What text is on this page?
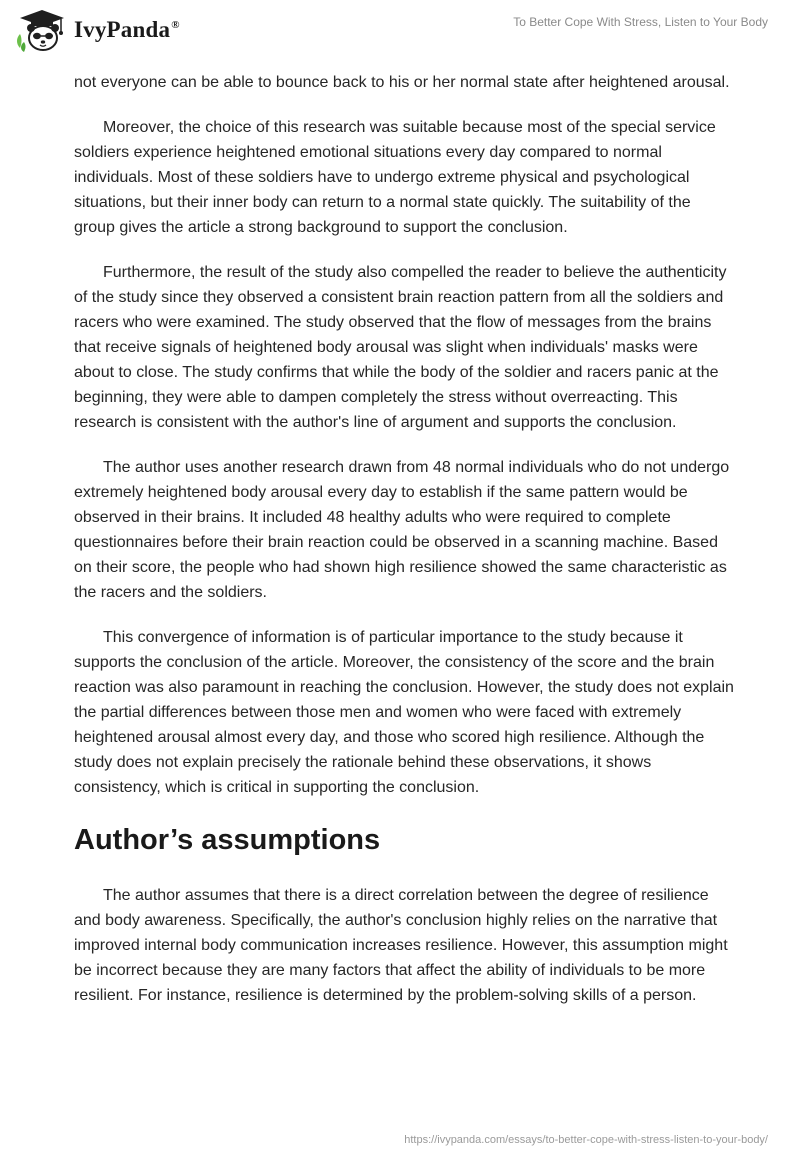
IvyPanda®	To Better Cope With Stress, Listen to Your Body

not everyone can be able to bounce back to his or her normal state after heightened arousal.

Moreover, the choice of this research was suitable because most of the special service soldiers experience heightened emotional situations every day compared to normal individuals. Most of these soldiers have to undergo extreme physical and psychological situations, but their inner body can return to a normal state quickly. The suitability of the group gives the article a strong background to support the conclusion.

Furthermore, the result of the study also compelled the reader to believe the authenticity of the study since they observed a consistent brain reaction pattern from all the soldiers and racers who were examined. The study observed that the flow of messages from the brains that receive signals of heightened body arousal was slight when individuals' masks were about to close. The study confirms that while the body of the soldier and racers panic at the beginning, they were able to dampen completely the stress without overreacting. This research is consistent with the author's line of argument and supports the conclusion.

The author uses another research drawn from 48 normal individuals who do not undergo extremely heightened body arousal every day to establish if the same pattern would be observed in their brains. It included 48 healthy adults who were required to complete questionnaires before their brain reaction could be observed in a scanning machine. Based on their score, the people who had shown high resilience showed the same characteristic as the racers and the soldiers.

This convergence of information is of particular importance to the study because it supports the conclusion of the article. Moreover, the consistency of the score and the brain reaction was also paramount in reaching the conclusion. However, the study does not explain the partial differences between those men and women who were faced with extremely heightened arousal almost every day, and those who scored high resilience. Although the study does not explain precisely the rationale behind these observations, it shows consistency, which is critical in supporting the conclusion.

Author’s assumptions

The author assumes that there is a direct correlation between the degree of resilience and body awareness. Specifically, the author's conclusion highly relies on the narrative that improved internal body communication increases resilience. However, this assumption might be incorrect because they are many factors that affect the ability of individuals to be more resilient. For instance, resilience is determined by the problem-solving skills of a person.

https://ivypanda.com/essays/to-better-cope-with-stress-listen-to-your-body/
